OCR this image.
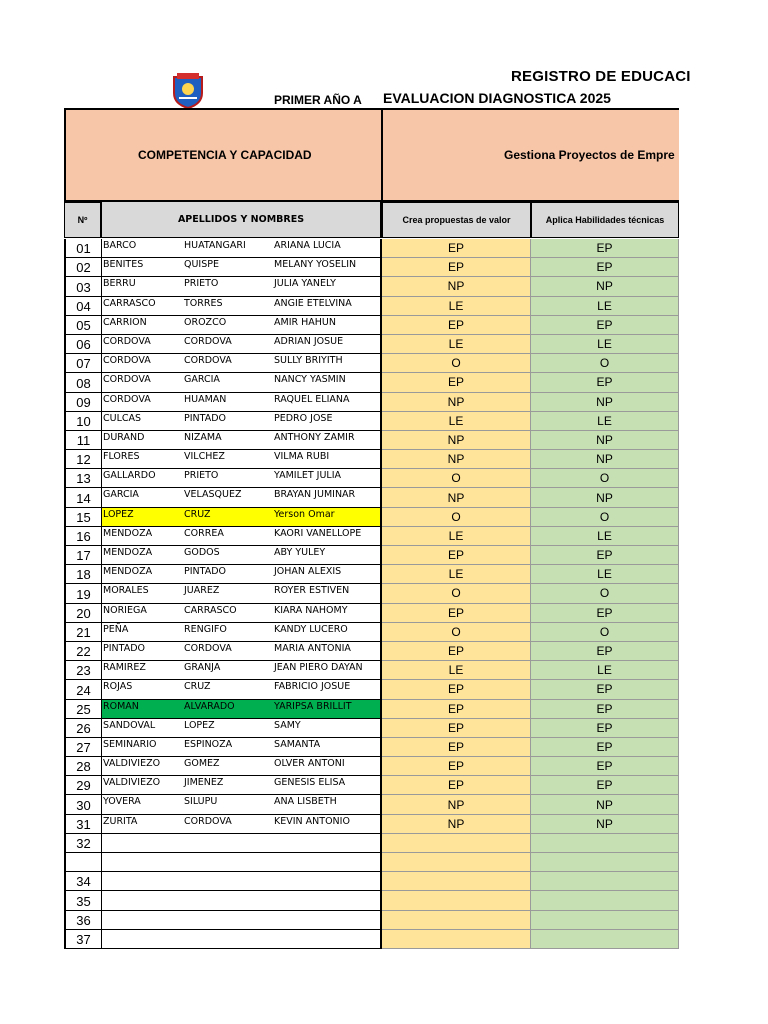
REGISTRO DE EDUCACI
PRIMER AÑO A EVALUACION DIAGNOSTICA 2025
COMPETENCIA Y CAPACIDAD	Gestiona Proyectos de Empre
Nº	APELLIDOS Y NOMBRES	Crea propuestas de valor	Aplica Habilidades técnicas
01	BARCO	HUATANGARI	ARIANA LUCIA	EP	EP
02	BENITES	QUISPE	MELANY YOSELIN	EP	EP
03	BERRU	PRIETO	JULIA YANELY	NP	NP
04	CARRASCO	TORRES	ANGIE ETELVINA	LE	LE
05	CARRION	OROZCO	AMIR HAHUN	EP	EP
06	CORDOVA	CORDOVA	ADRIAN JOSUE	LE	LE
07	CORDOVA	CORDOVA	SULLY BRIYITH	O	O
08	CORDOVA	GARCIA	NANCY YASMIN	EP	EP
09	CORDOVA	HUAMAN	RAQUEL ELIANA	NP	NP
10	CULCAS	PINTADO	PEDRO JOSE	LE	LE
11	DURAND	NIZAMA	ANTHONY ZAMIR	NP	NP
12	FLORES	VILCHEZ	VILMA RUBI	NP	NP
13	GALLARDO	PRIETO	YAMILET JULIA	O	O
14	GARCIA	VELASQUEZ	BRAYAN JUMINAR	NP	NP
15	LOPEZ	CRUZ	Yerson Omar	O	O
16	MENDOZA	CORREA	KAORI VANELLOPE	LE	LE
17	MENDOZA	GODOS	ABY YULEY	EP	EP
18	MENDOZA	PINTADO	JOHAN ALEXIS	LE	LE
19	MORALES	JUAREZ	ROYER ESTIVEN	O	O
20	NORIEGA	CARRASCO	KIARA NAHOMY	EP	EP
21	PEÑA	RENGIFO	KANDY LUCERO	O	O
22	PINTADO	CORDOVA	MARIA ANTONIA	EP	EP
23	RAMIREZ	GRANJA	JEAN PIERO DAYAN	LE	LE
24	ROJAS	CRUZ	FABRICIO JOSUE	EP	EP
25	ROMAN	ALVARADO	YARIPSA BRILLIT	EP	EP
26	SANDOVAL	LOPEZ	SAMY	EP	EP
27	SEMINARIO	ESPINOZA	SAMANTA	EP	EP
28	VALDIVIEZO	GOMEZ	OLVER ANTONI	EP	EP
29	VALDIVIEZO	JIMENEZ	GENESIS ELISA	EP	EP
30	YOVERA	SILUPU	ANA LISBETH	NP	NP
31	ZURITA	CORDOVA	KEVIN ANTONIO	NP	NP
32
34
35
36
37
